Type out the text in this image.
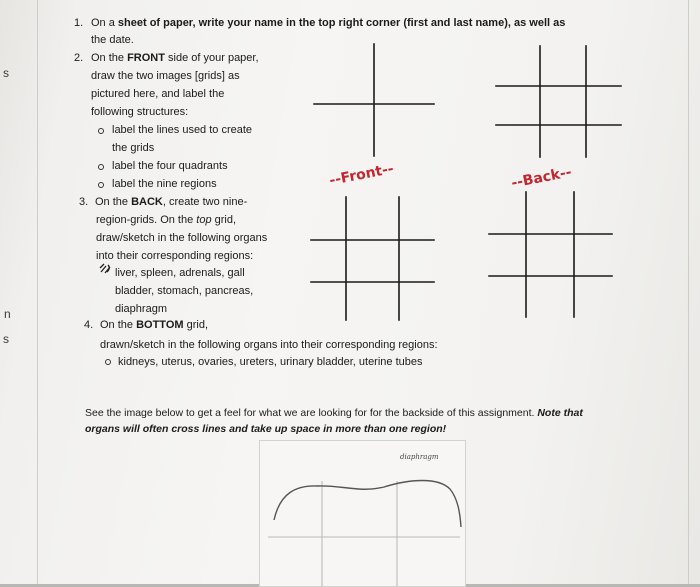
s
n
s
1. On a sheet of paper, write your name in the top right corner (first and last name), as well as
the date.
2. On the FRONT side of your paper,
draw the two images [grids] as
pictured here, and label the
following structures:
label the lines used to create
the grids
label the four quadrants
label the nine regions
3. On the BACK, create two nine-
region-grids. On the top grid,
draw/sketch in the following organs
into their corresponding regions:
liver, spleen, adrenals, gall
bladder, stomach, pancreas,
diaphragm
4. On the BOTTOM grid,
drawn/sketch in the following organs into their corresponding regions:
kidneys, uterus, ovaries, ureters, urinary bladder, uterine tubes
--Front--	--Back--
See the image below to get a feel for what we are looking for for the backside of this assignment. Note that
organs will often cross lines and take up space in more than one region!
diaphragm
